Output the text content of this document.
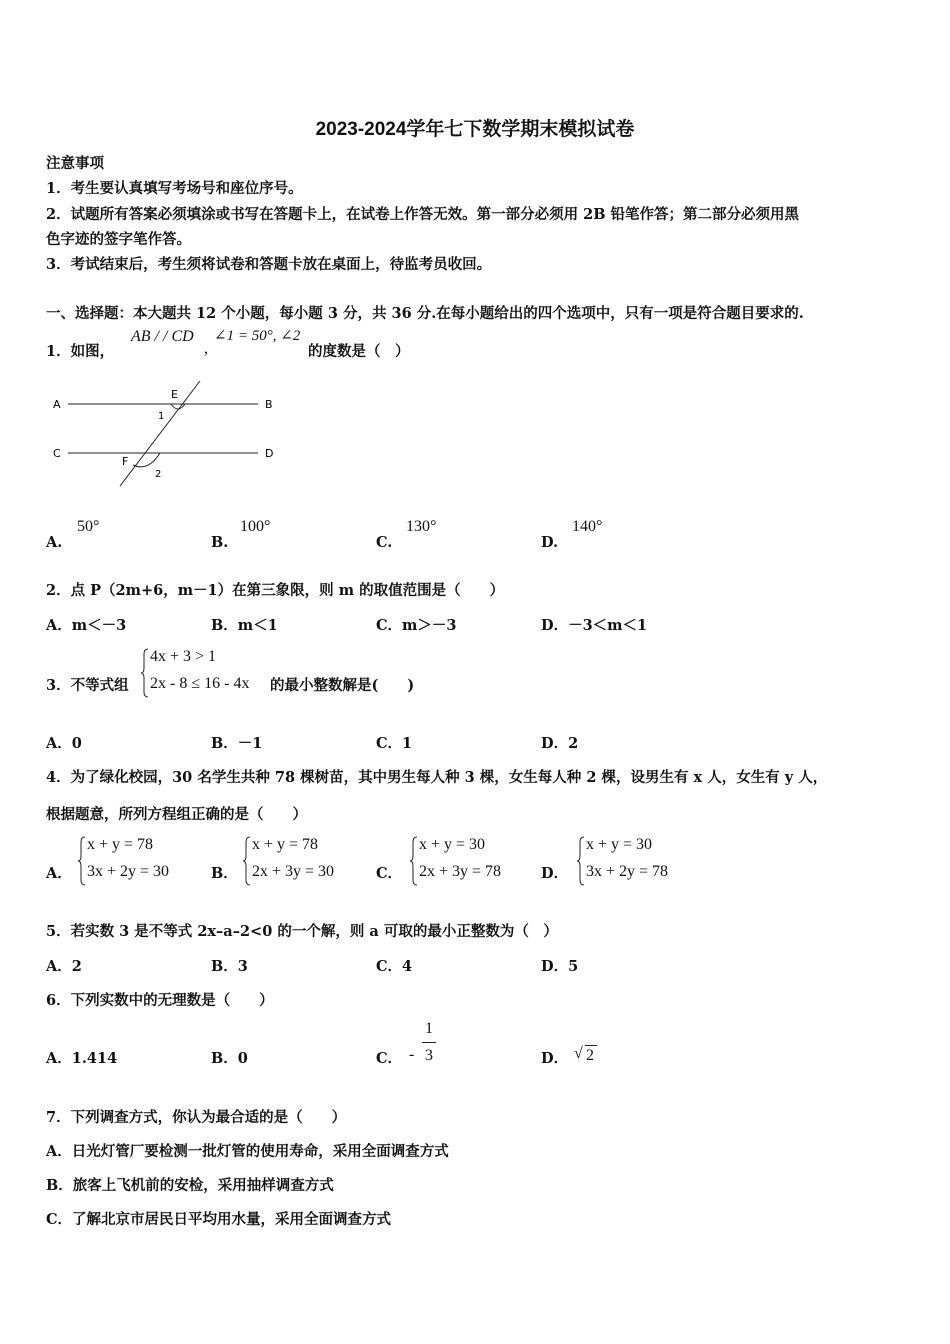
2023-2024学年七下数学期末模拟试卷
注意事项
1．考生要认真填写考场号和座位序号。
2．试题所有答案必须填涂或书写在答题卡上，在试卷上作答无效。第一部分必须用 2B 铅笔作答；第二部分必须用黑
色字迹的签字笔作答。
3．考试结束后，考生须将试卷和答题卡放在桌面上，待监考员收回。
一、选择题：本大题共 12 个小题，每小题 3 分，共 36 分.在每小题给出的四个选项中，只有一项是符合题目要求的.
1．如图，
AB / / CD
,
∠1 = 50°, ∠2
的度数是（　）
A	B
C	D
E
F
1
2
A.
50°
B.
100°
C.
130°
D.
140°
2．点 P（2m+6，m－1）在第三象限，则 m 的取值范围是（　　）
A．m＜－3	B．m＜1	C．m＞－3	D．－3＜m＜1
3．不等式组
4x + 3 > 1
2x - 8 ≤ 16 - 4x 的最小整数解是(　　)
A．0	B．－1	C．1	D．2
4．为了绿化校园，30 名学生共种 78 棵树苗，其中男生每人种 3 棵，女生每人种 2 棵，设男生有 x 人，女生有 y 人，
根据题意，所列方程组正确的是（　　）
A．
x + y = 78
3x + 2y = 30	B．
x + y = 78
2x + 3y = 30	C．
x + y = 30
2x + 3y = 78	D．
x + y = 30
3x + 2y = 78
5．若实数 3 是不等式 2x–a–2<0 的一个解，则 a 可取的最小正整数为（　）
A．2	B．3	C．4	D．5
6．下列实数中的无理数是（　　）
A．1.414	B．0	C． -
1
3	D． √ 2
7．下列调查方式，你认为最合适的是（　　）
A．日光灯管厂要检测一批灯管的使用寿命，采用全面调查方式
B．旅客上飞机前的安检，采用抽样调查方式
C．了解北京市居民日平均用水量，采用全面调查方式
